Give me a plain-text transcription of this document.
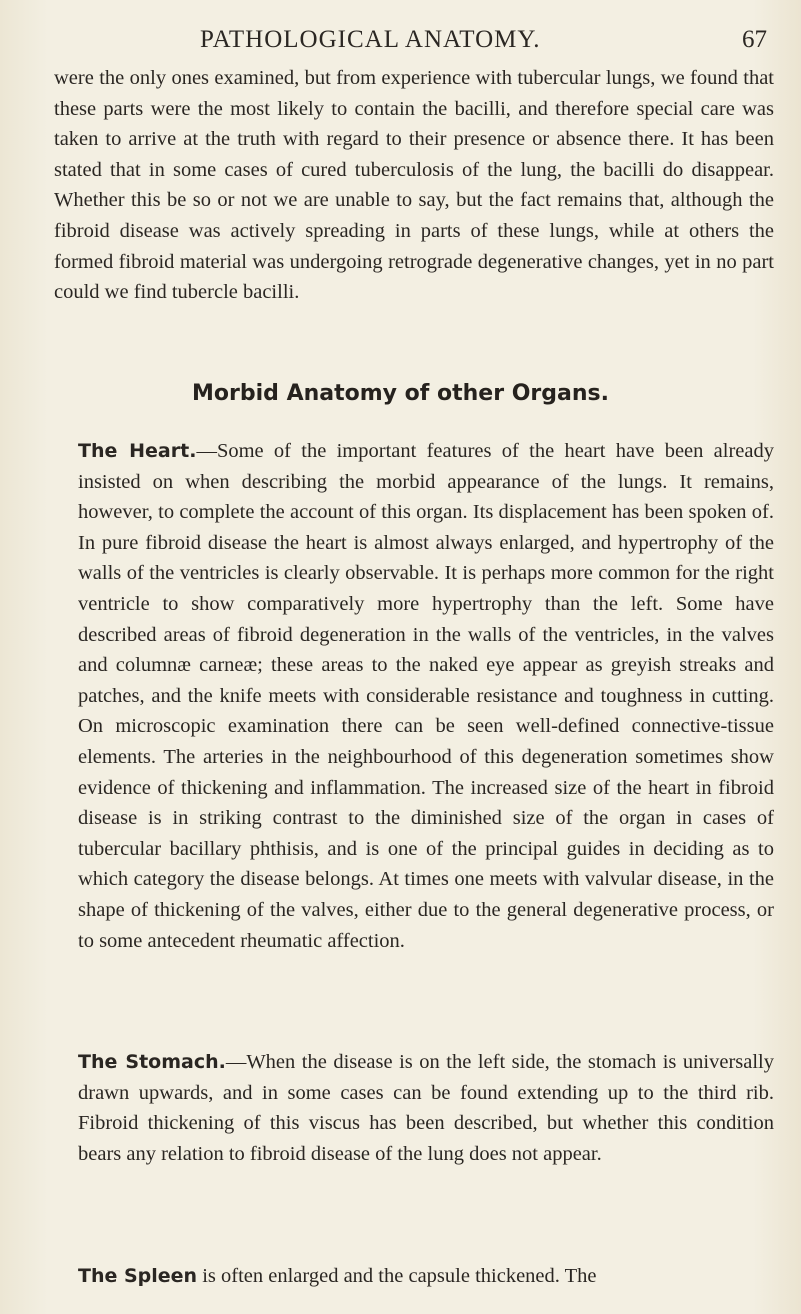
PATHOLOGICAL ANATOMY.	67

were the only ones examined, but from experience with tubercular lungs, we found that these parts were the most likely to contain the bacilli, and therefore special care was taken to arrive at the truth with regard to their presence or absence there. It has been stated that in some cases of cured tuberculosis of the lung, the bacilli do disappear. Whether this be so or not we are unable to say, but the fact remains that, although the fibroid disease was actively spreading in parts of these lungs, while at others the formed fibroid material was undergoing retrograde degenerative changes, yet in no part could we find tubercle bacilli.

Morbid Anatomy of other Organs.

The Heart.—Some of the important features of the heart have been already insisted on when describing the morbid appearance of the lungs. It remains, however, to complete the account of this organ. Its displacement has been spoken of. In pure fibroid disease the heart is almost always enlarged, and hypertrophy of the walls of the ventricles is clearly observable. It is perhaps more common for the right ventricle to show comparatively more hypertrophy than the left. Some have described areas of fibroid degeneration in the walls of the ventricles, in the valves and columnæ carneæ; these areas to the naked eye appear as greyish streaks and patches, and the knife meets with considerable resistance and toughness in cutting. On microscopic examination there can be seen well-defined connective-tissue elements. The arteries in the neighbourhood of this degeneration sometimes show evidence of thickening and inflammation. The increased size of the heart in fibroid disease is in striking contrast to the diminished size of the organ in cases of tubercular bacillary phthisis, and is one of the principal guides in deciding as to which category the disease belongs. At times one meets with valvular disease, in the shape of thickening of the valves, either due to the general degenerative process, or to some antecedent rheumatic affection.

The Stomach.—When the disease is on the left side, the stomach is universally drawn upwards, and in some cases can be found extending up to the third rib. Fibroid thickening of this viscus has been described, but whether this condition bears any relation to fibroid disease of the lung does not appear.

The Spleen is often enlarged and the capsule thickened. The
